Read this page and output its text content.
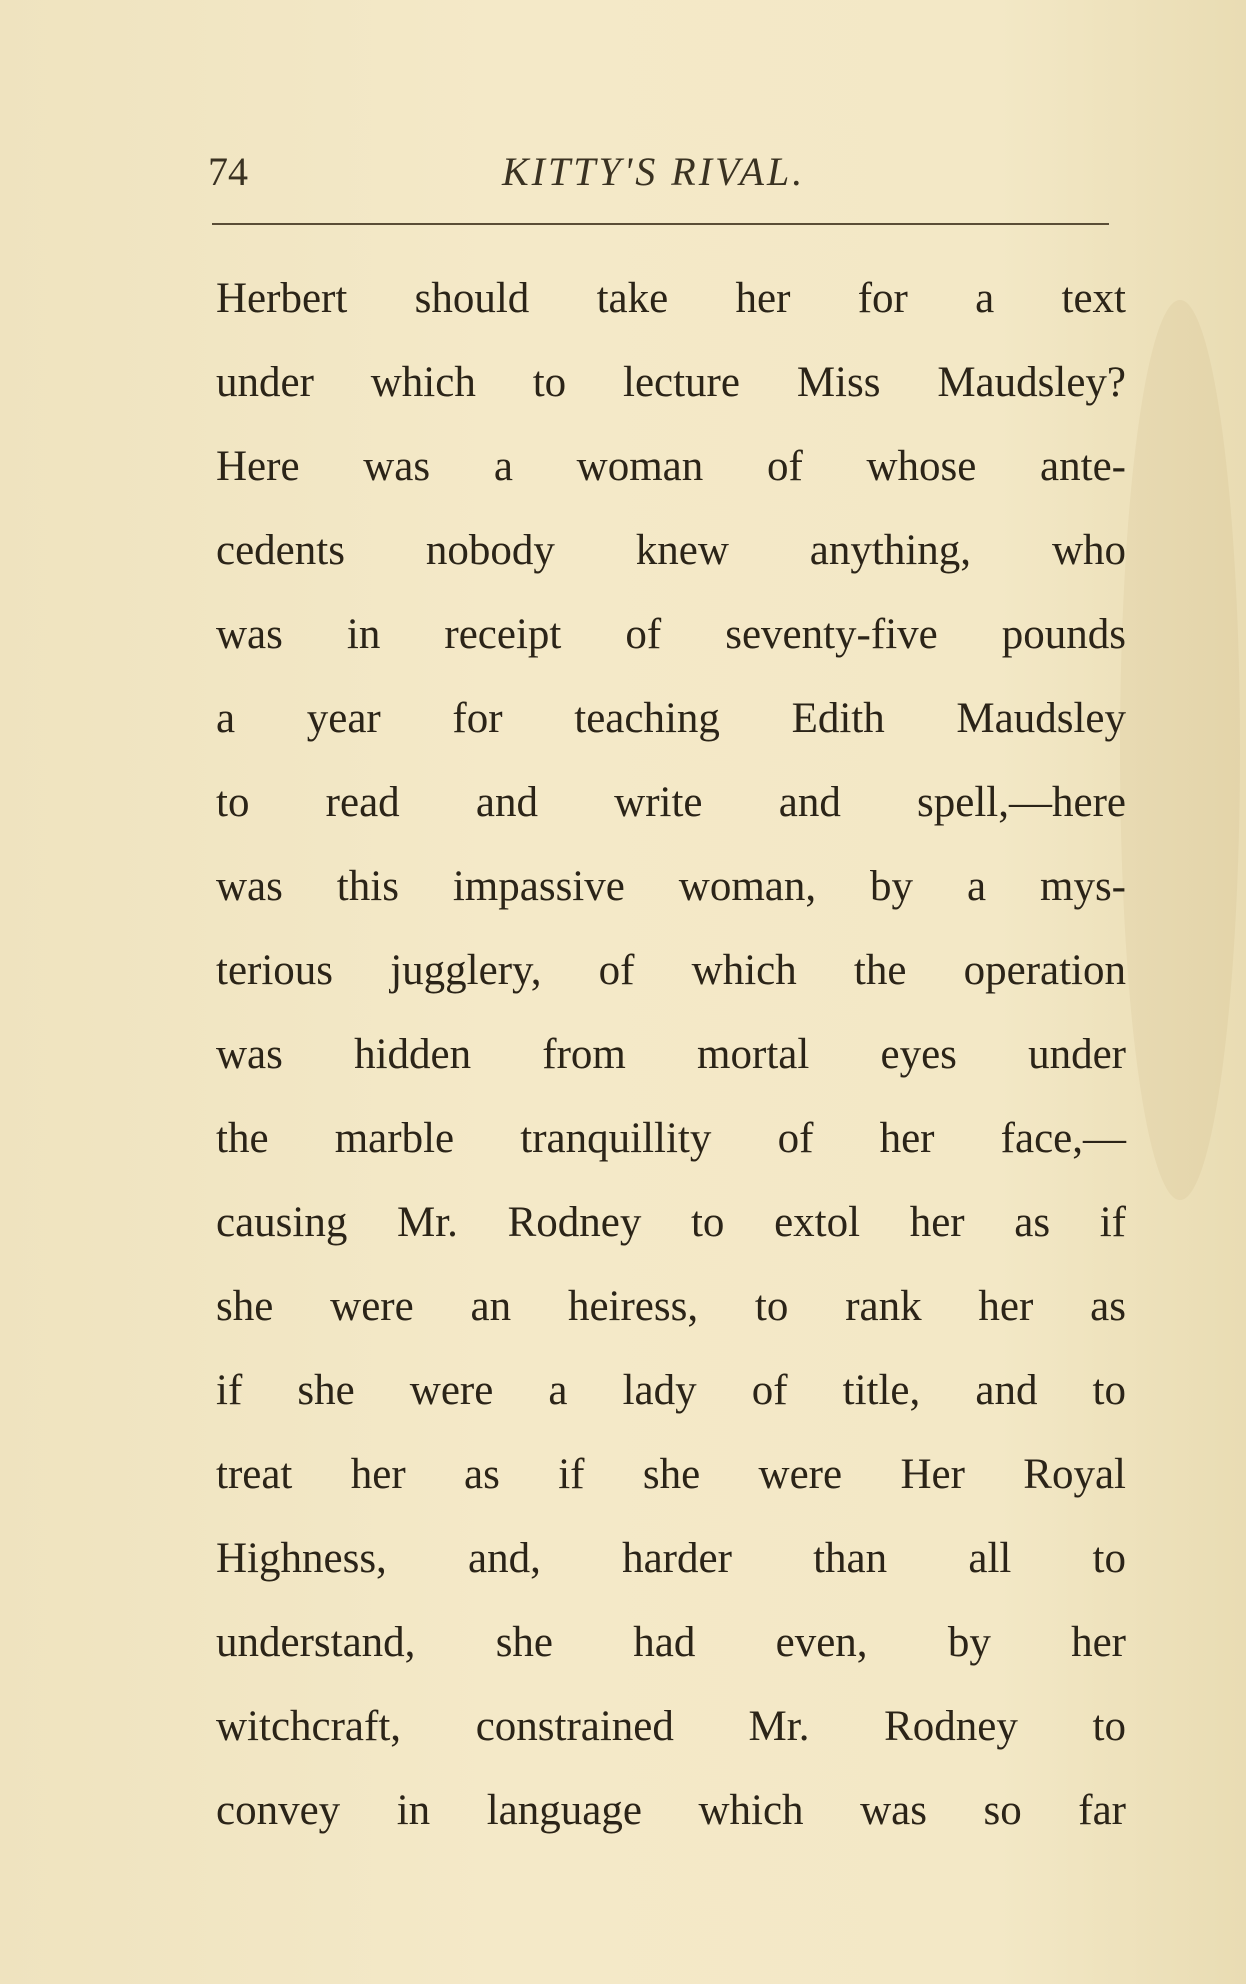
74	KITTY'S RIVAL.
Herbert should take her for a text
under which to lecture Miss Maudsley?
Here was a woman of whose ante-
cedents nobody knew anything, who
was in receipt of seventy-five pounds
a year for teaching Edith Maudsley
to read and write and spell,—here
was this impassive woman, by a mys-
terious jugglery, of which the operation
was hidden from mortal eyes under
the marble tranquillity of her face,—
causing Mr. Rodney to extol her as if
she were an heiress, to rank her as
if she were a lady of title, and to
treat her as if she were Her Royal
Highness, and, harder than all to
understand, she had even, by her
witchcraft, constrained Mr. Rodney to
convey in language which was so far
